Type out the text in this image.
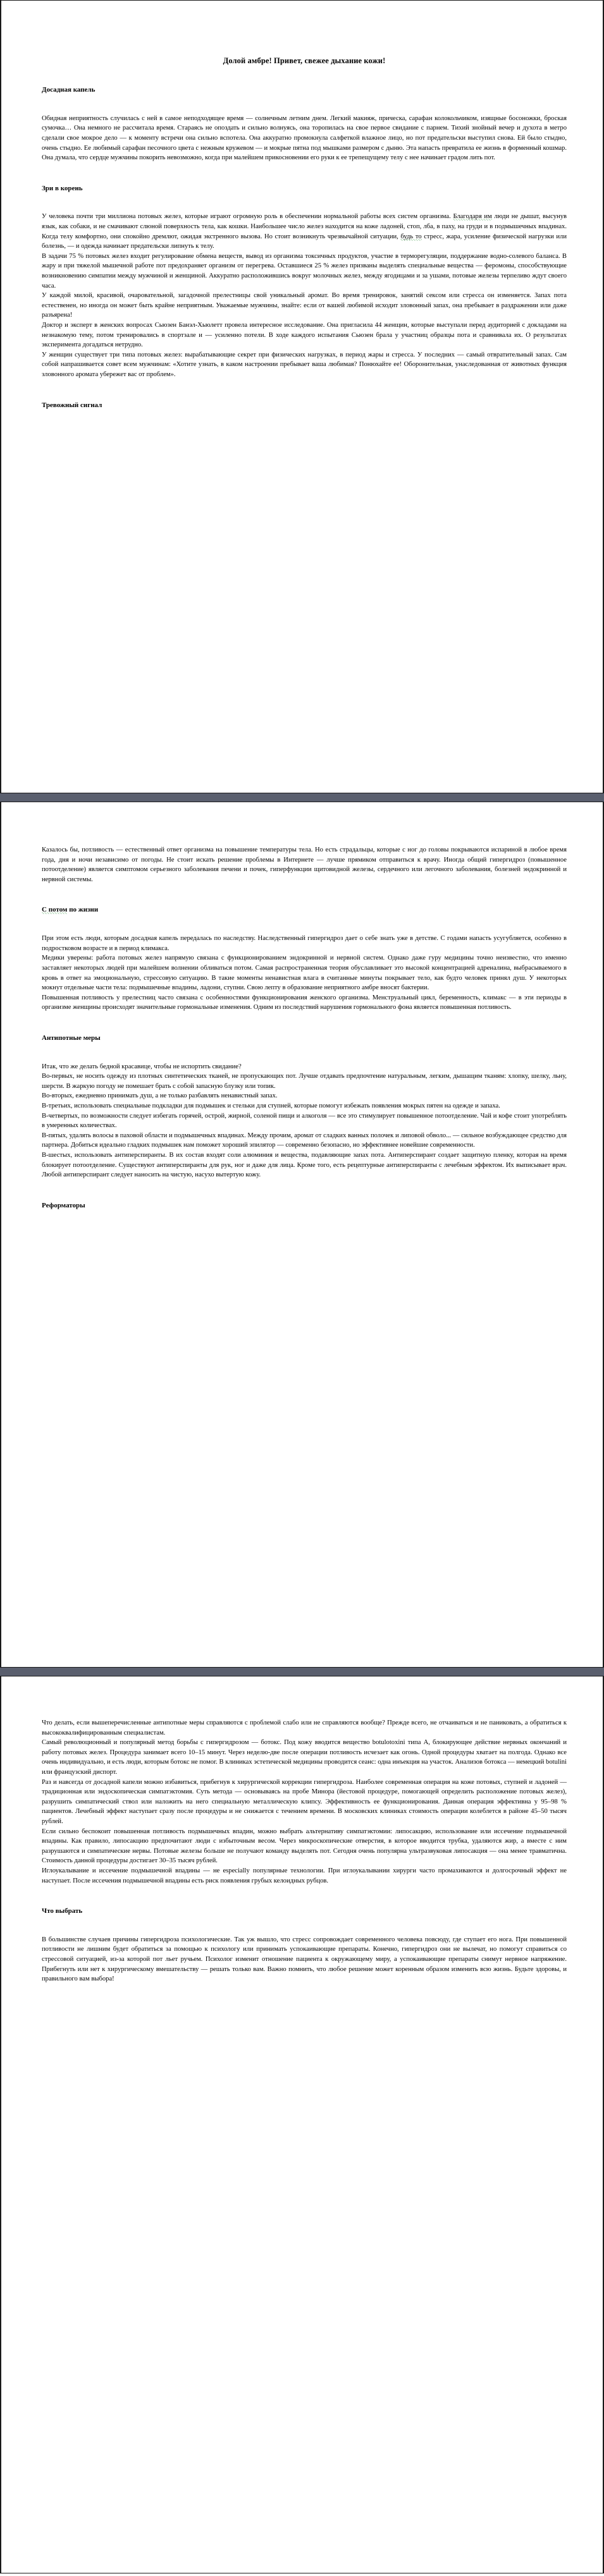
Долой амбре! Привет, свежее дыхание кожи!
Досадная капель

Обидная неприятность случилась с ней в самое неподходящее время — солнечным летним днем. Легкий макияж, прическа, сарафан колокольчиком, изящные босоножки, броская сумочка… Она немного не рассчитала время. Стараясь не опоздать и сильно волнуясь, она торопилась на свое первое свидание с парнем. Тихий знойный вечер и духота в метро сделали свое мокрое дело — к моменту встречи она сильно вспотела. Она аккуратно промокнула салфеткой влажное лицо, но пот предательски выступил снова. Ей было стыдно, очень стыдно. Ее любимый сарафан песочного цвета с нежным кружевом — и мокрые пятна под мышками размером с дыню. Эта напасть превратила ее жизнь в форменный кошмар. Она думала, что сердце мужчины покорить невозможно, когда при малейшем прикосновении его руки к ее трепещущему телу с нее начинает градом лить пот.

Зри в корень

У человека почти три миллиона потовых желез, которые играют огромную роль в обеспечении нормальной работы всех систем организма. Благодаря им люди не дышат, высунув язык, как собаки, и не смачивают слюной поверхность тела, как кошки. Наибольшее число желез находится на коже ладоней, стоп, лба, в паху, на груди и в подмышечных впадинах. Когда телу комфортно, они спокойно дремлют, ожидая экстренного вызова. Но стоит возникнуть чрезвычайной ситуации, будь то стресс, жара, усиление физической нагрузки или болезнь, — и одежда начинает предательски липнуть к телу.

В задачи 75 % потовых желез входит регулирование обмена веществ, вывод из организма токсичных продуктов, участие в терморегуляции, поддержание водно-солевого баланса. В жару и при тяжелой мышечной работе пот предохраняет организм от перегрева. Оставшиеся 25 % желез призваны выделять специальные вещества — феромоны, способствующие возникновению симпатии между мужчиной и женщиной. Аккуратно расположившись вокруг молочных желез, между ягодицами и за ушами, потовые железы терпеливо ждут своего часа.

У каждой милой, красивой, очаровательной, загадочной прелестницы свой уникальный аромат. Во время тренировок, занятий сексом или стресса он изменяется. Запах пота естественен, но иногда он может быть крайне неприятным. Уважаемые мужчины, знайте: если от вашей любимой исходит зловонный запах, она пребывает в раздражении или даже разъярена!

Доктор и эксперт в женских вопросах Сьюзен Банэл-Хьюлетт провела интересное исследование. Она пригласила 44 женщин, которые выступали перед аудиторией с докладами на незнакомую тему, потом тренировались в спортзале и — усиленно потели. В ходе каждого испытания Сьюзен брала у участниц образцы пота и сравнивала их. О результатах эксперимента догадаться нетрудно.

У женщин существует три типа потовых желез: вырабатывающие секрет при физических нагрузках, в период жары и стресса. У последних — самый отвратительный запах. Сам собой напрашивается совет всем мужчинам: «Хотите узнать, в каком настроении пребывает ваша любимая? Понюхайте ее! Оборонительная, унаследованная от животных функция зловонного аромата убережет вас от проблем».

Тревожный сигнал

Казалось бы, потливость — естественный ответ организма на повышение температуры тела. Но есть страдальцы, которые с ног до головы покрываются испариной в любое время года, дня и ночи независимо от погоды. Не стоит искать решение проблемы в Интернете — лучше прямиком отправиться к врачу. Иногда общий гипергидроз (повышенное потоотделение) является симптомом серьезного заболевания печени и почек, гиперфункции щитовидной железы, сердечного или легочного заболевания, болезней эндокринной и нервной системы.

С потом по жизни

При этом есть люди, которым досадная капель передалась по наследству. Наследственный гипергидроз дает о себе знать уже в детстве. С годами напасть усугубляется, особенно в подростковом возрасте и в период климакса.

Медики уверены: работа потовых желез напрямую связана с функционированием эндокринной и нервной систем. Однако даже гуру медицины точно неизвестно, что именно заставляет некоторых людей при малейшем волнении обливаться потом. Самая распространенная теория обуславливает это высокой концентрацией адреналина, выбрасываемого в кровь в ответ на эмоциональную, стрессовую ситуацию. В такие моменты ненавистная влага в считанные минуты покрывает тело, как будто человек принял душ. У некоторых мокнут отдельные части тела: подмышечные впадины, ладони, ступни. Свою лепту в образование неприятного амбре вносят бактерии.

Повышенная потливость у прелестниц часто связана с особенностями функционирования женского организма. Менструальный цикл, беременность, климакс — в эти периоды в организме женщины происходят значительные гормональные изменения. Одним из последствий нарушения гормонального фона является повышенная потливость.

Антипотные меры

Итак, что же делать бедной красавице, чтобы не испортить свидание?

Во-первых, не носить одежду из плотных синтетических тканей, не пропускающих пот. Лучше отдавать предпочтение натуральным, легким, дышащим тканям: хлопку, шелку, льну, шерсти. В жаркую погоду не помешает брать с собой запасную блузку или топик.

Во-вторых, ежедневно принимать душ, а не только разбавлять ненавистный запах.

В-третьих, использовать специальные подкладки для подмышек и стельки для ступней, которые помогут избежать появления мокрых пятен на одежде и запаха.

В-четвертых, по возможности следует избегать горячей, острой, жирной, соленой пищи и алкоголя — все это стимулирует повышенное потоотделение. Чай и кофе стоит употреблять в умеренных количествах.

В-пятых, удалять волосы в паховой области и подмышечных впадинах. Между прочим, аромат от сладких ванных полочек и липовой обволо... — сильное возбуждающее средство для партнера. Добиться идеально гладких подмышек нам поможет хороший эпилятор — современно безопасно, но эффективнее новейшие современности.

В-шестых, использовать антиперспиранты. В их состав входят соли алюминия и вещества, подавляющие запах пота. Антиперспирант создает защитную пленку, которая на время блокирует потоотделение. Существуют антиперспиранты для рук, ног и даже для лица. Кроме того, есть рецептурные антиперспиранты с лечебным эффектом. Их выписывает врач. Любой антиперспирант следует наносить на чистую, насухо вытертую кожу.

Реформаторы

Что делать, если вышеперечисленные антипотные меры справляются с проблемой слабо или не справляются вообще? Прежде всего, не отчаиваться и не паниковать, а обратиться к высококвалифицированным специалистам.

Самый революционный и популярный метод борьбы с гипергидрозом — ботокс. Под кожу вводится вещество botulotoxini типа A, блокирующее действие нервных окончаний и работу потовых желез. Процедура занимает всего 10–15 минут. Через неделю-две после операции потливость исчезает как огонь. Одной процедуры хватает на полгода. Однако все очень индивидуально, и есть люди, которым ботокс не помог. В клиниках эстетической медицины проводится сеанс: одна инъекция на участок. Анализов ботокса — немецкий botulini или французский диспорт.

Раз и навсегда от досадной капели можно избавиться, прибегнув к хирургической коррекции гипергидроза. Наиболее современная операция на коже потовых, ступней и ладоней — традиционная или эндоскопическая симпатэктомия. Суть метода — основываясь на пробе Минора (йестовой процедуре, помогающей определить расположение потовых желез), разрушить симпатический ствол или наложить на него специальную металлическую клипсу. Эффективность ее функционирования. Данная операция эффективна у 95–98 % пациентов. Лечебный эффект наступает сразу после процедуры и не снижается с течением времени. В московских клиниках стоимость операции колеблется в районе 45–50 тысяч рублей.

Если сильно беспокоит повышенная потливость подмышечных впадин, можно выбрать альтернативу симпатэктомии: липосакцию, использование или иссечение подмышечной впадины. Как правило, липосакцию предпочитают люди с избыточным весом. Через микроскопические отверстия, в которое вводится трубка, удаляются жир, а вместе с ним разрушаются и симпатические нервы. Потовые железы больше не получают команду выделять пот. Сегодня очень популярна ультразвуковая липосакция — она менее травматична. Стоимость данной процедуры достигает 30–35 тысяч рублей.

Иглоукалывание и иссечение подмышечной впадины — не especially популярные технологии. При иглоукалывании хирурги часто промахиваются и долгосрочный эффект не наступает. После иссечения подмышечной впадины есть риск появления грубых келоидных рубцов.

Что выбрать

В большинстве случаев причины гипергидроза психологические. Так уж вышло, что стресс сопровождает современного человека повсюду, где ступает его нога. При повышенной потливости не лишним будет обратиться за помощью к психологу или принимать успокаивающие препараты. Конечно, гипергидроз они не вылечат, но помогут справиться со стрессовой ситуацией, из-за которой пот льет ручьем. Психолог изменит отношение пациента к окружающему миру, а успокаивающие препараты снимут нервное напряжение. Прибегнуть или нет к хирургическому вмешательству — решать только вам. Важно помнить, что любое решение может коренным образом изменить всю жизнь. Будьте здоровы, и правильного вам выбора!
